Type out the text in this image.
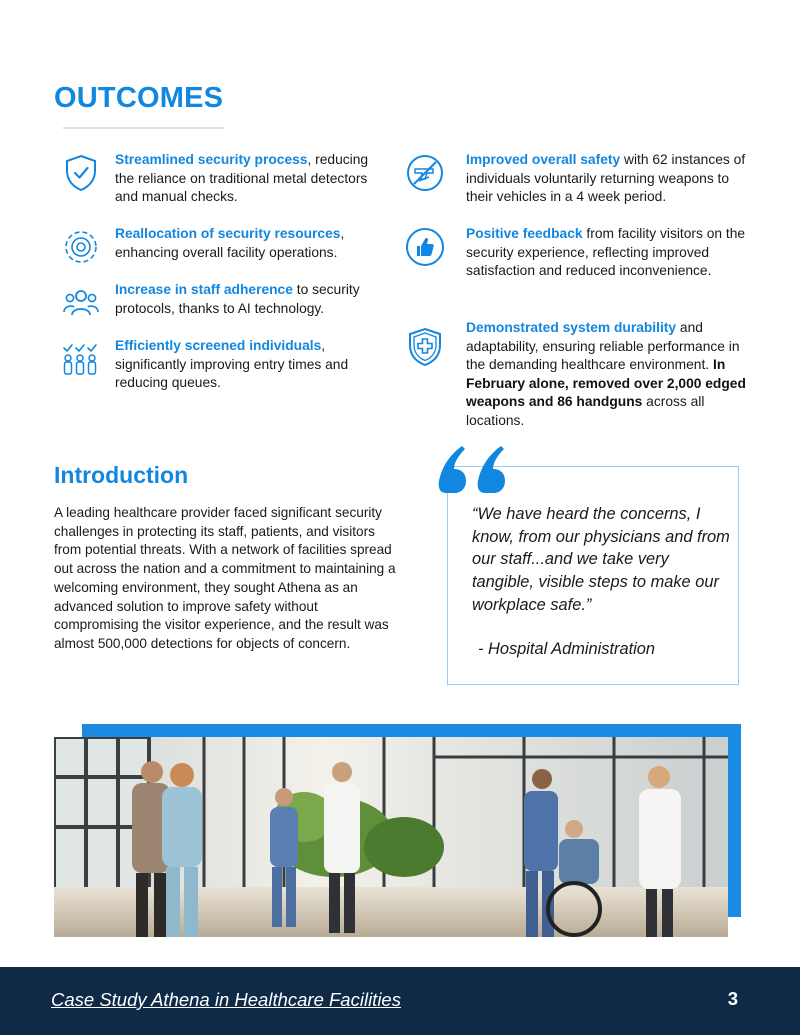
OUTCOMES
Streamlined security process, reducing the reliance on traditional metal detectors and manual checks.
Reallocation of security resources, enhancing overall facility operations.
Increase in staff adherence to security protocols, thanks to AI technology.
Efficiently screened individuals, significantly improving entry times and reducing queues.
Improved overall safety with 62 instances of individuals voluntarily returning weapons to their vehicles in a 4 week period.
Positive feedback from facility visitors on the security experience, reflecting improved satisfaction and reduced inconvenience.
Demonstrated system durability and adaptability, ensuring reliable performance in the demanding healthcare environment. In February alone, removed over 2,000 edged weapons and 86 handguns across all locations.
Introduction
A leading healthcare provider faced significant security challenges in protecting its staff, patients, and visitors from potential threats. With a network of facilities spread out across the nation and a commitment to maintaining a welcoming environment, they sought Athena as an advanced solution to improve safety without compromising the visitor experience, and the result was almost 500,000 detections for objects of concern.
“We have heard the concerns, I know, from our physicians and from our staff...and we take very tangible, visible steps to make our workplace safe.”
- Hospital Administration
Case Study Athena in Healthcare Facilities	3
